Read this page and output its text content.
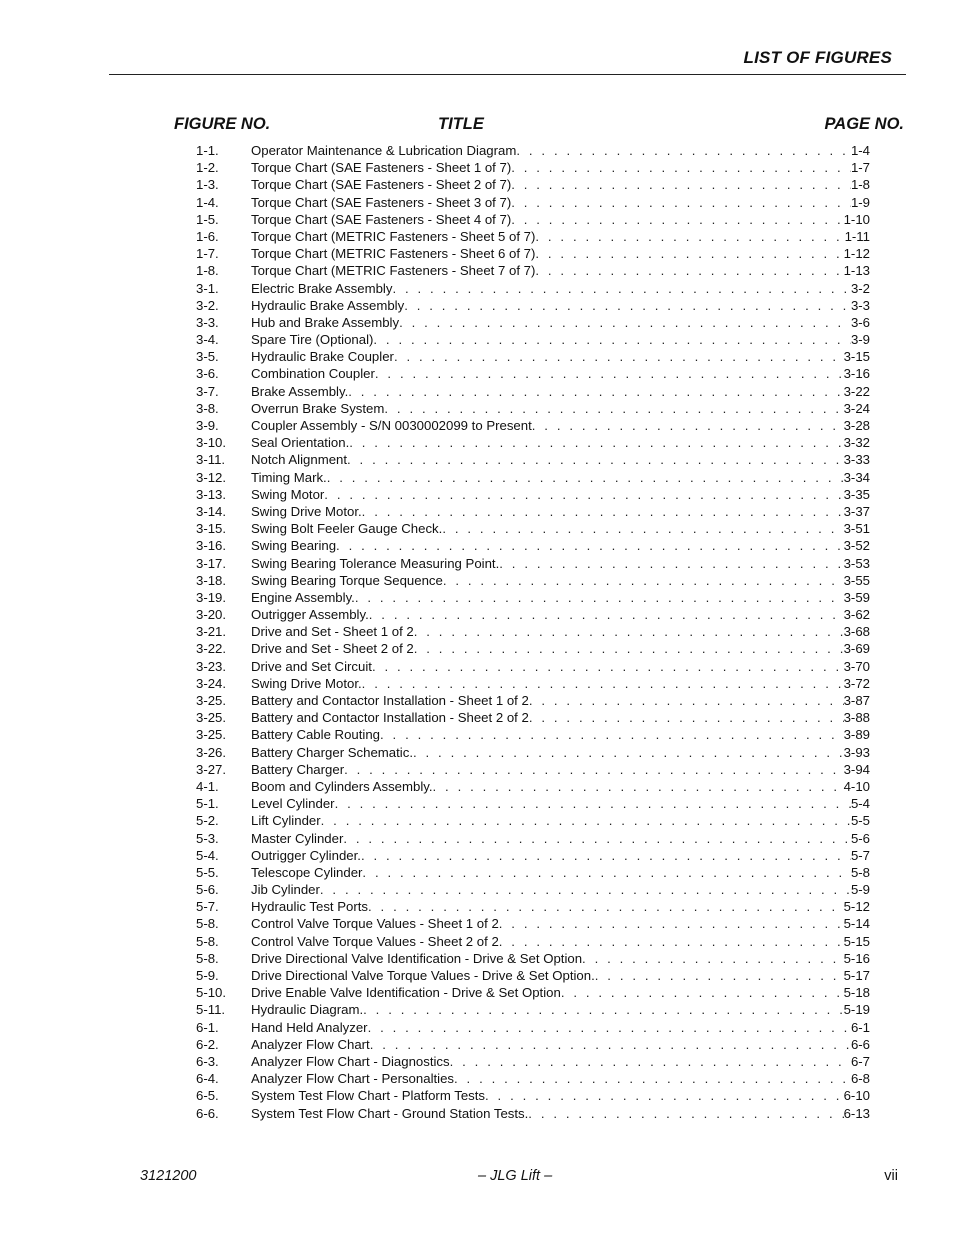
LIST OF FIGURES
FIGURE NO.	TITLE	PAGE NO.
1-1.	Operator Maintenance & Lubrication Diagram . . .	1-4
1-2.	Torque Chart (SAE Fasteners - Sheet 1 of 7) . . .	1-7
1-3.	Torque Chart (SAE Fasteners - Sheet 2 of 7) . . .	1-8
1-4.	Torque Chart (SAE Fasteners - Sheet 3 of 7) . . .	1-9
1-5.	Torque Chart (SAE Fasteners - Sheet 4 of 7) . . .	1-10
1-6.	Torque Chart (METRIC Fasteners - Sheet 5 of 7) . . .	1-11
1-7.	Torque Chart (METRIC Fasteners - Sheet 6 of 7) . . .	1-12
1-8.	Torque Chart (METRIC Fasteners - Sheet 7 of 7) . . .	1-13
3-1.	Electric Brake Assembly . . .	3-2
3-2.	Hydraulic Brake Assembly . . .	3-3
3-3.	Hub and Brake Assembly . . .	3-6
3-4.	Spare Tire (Optional) . . .	3-9
3-5.	Hydraulic Brake Coupler . . .	3-15
3-6.	Combination Coupler . . .	3-16
3-7.	Brake Assembly. . . .	3-22
3-8.	Overrun Brake System . . .	3-24
3-9.	Coupler Assembly - S/N 0030002099 to Present . . .	3-28
3-10.	Seal Orientation. . . .	3-32
3-11.	Notch Alignment . . .	3-33
3-12.	Timing Mark. . . .	3-34
3-13.	Swing Motor . . .	3-35
3-14.	Swing Drive Motor. . . .	3-37
3-15.	Swing Bolt Feeler Gauge Check. . . .	3-51
3-16.	Swing Bearing . . .	3-52
3-17.	Swing Bearing Tolerance Measuring Point. . . .	3-53
3-18.	Swing Bearing Torque Sequence . . .	3-55
3-19.	Engine Assembly. . . .	3-59
3-20.	Outrigger Assembly. . . .	3-62
3-21.	Drive and Set - Sheet 1 of 2 . . .	3-68
3-22.	Drive and Set - Sheet 2 of 2 . . .	3-69
3-23.	Drive and Set Circuit . . .	3-70
3-24.	Swing Drive Motor. . . .	3-72
3-25.	Battery and Contactor Installation - Sheet 1 of 2 . . .	3-87
3-25.	Battery and Contactor Installation - Sheet 2 of 2 . . .	3-88
3-25.	Battery Cable Routing . . .	3-89
3-26.	Battery Charger Schematic. . . .	3-93
3-27.	Battery Charger . . .	3-94
4-1.	Boom and Cylinders Assembly. . . .	4-10
5-1.	Level Cylinder . . .	5-4
5-2.	Lift Cylinder . . .	5-5
5-3.	Master Cylinder . . .	5-6
5-4.	Outrigger Cylinder. . . .	5-7
5-5.	Telescope Cylinder . . .	5-8
5-6.	Jib Cylinder . . .	5-9
5-7.	Hydraulic Test Ports . . .	5-12
5-8.	Control Valve Torque Values - Sheet 1 of 2 . . .	5-14
5-8.	Control Valve Torque Values - Sheet 2 of 2 . . .	5-15
5-8.	Drive Directional Valve Identification - Drive & Set Option . . .	5-16
5-9.	Drive Directional Valve Torque Values - Drive & Set Option. . . .	5-17
5-10.	Drive Enable Valve Identification - Drive & Set Option . . .	5-18
5-11.	Hydraulic Diagram. . . .	5-19
6-1.	Hand Held Analyzer . . .	6-1
6-2.	Analyzer Flow Chart . . .	6-6
6-3.	Analyzer Flow Chart - Diagnostics . . .	6-7
6-4.	Analyzer Flow Chart - Personalties . . .	6-8
6-5.	System Test Flow Chart - Platform Tests . . .	6-10
6-6.	System Test Flow Chart - Ground Station Tests. . . .	6-13
3121200	– JLG Lift –	vii
